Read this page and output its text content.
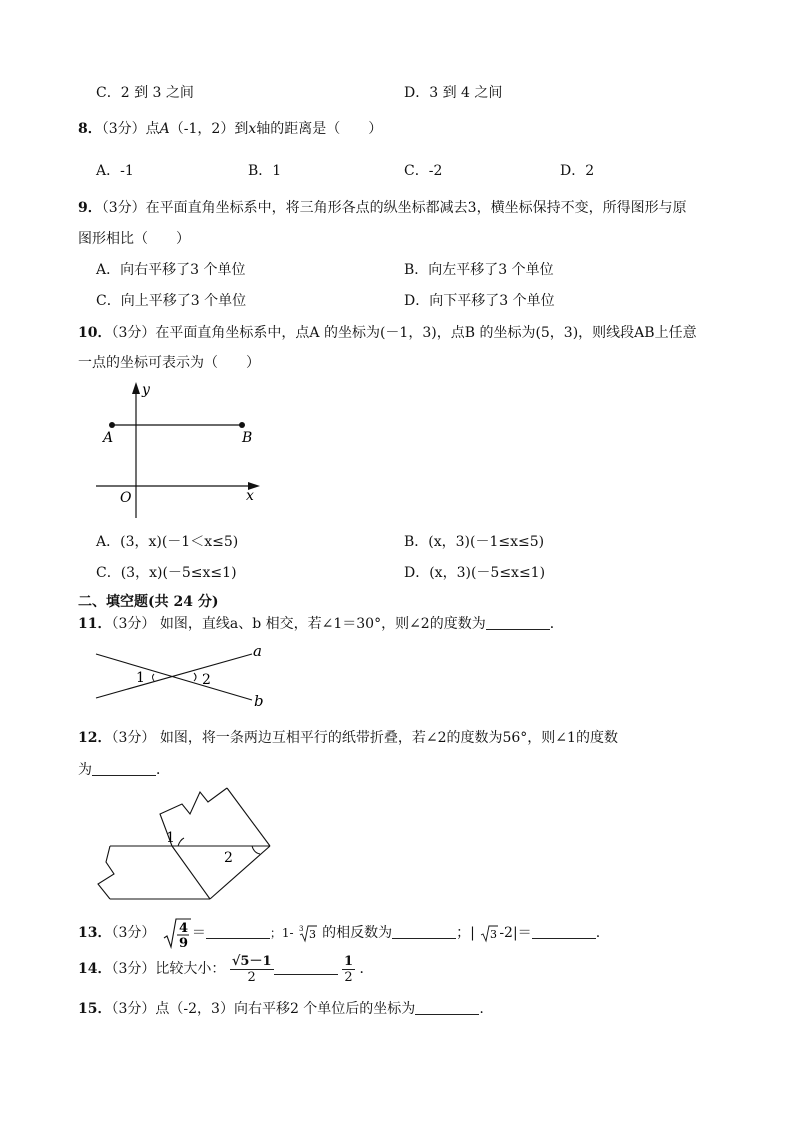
C．2 到 3 之间	D．3 到 4 之间
8．（3分）点A（-1，2）到x轴的距离是（　　）
A．-1	B．1	C．-2	D．2
9．（3分）在平面直角坐标系中，将三角形各点的纵坐标都减去3，横坐标保持不变，所得图形与原
图形相比（　　）
A．向右平移了3 个单位	B．向左平移了3 个单位
C．向上平移了3 个单位	D．向下平移了3 个单位
10．（3分）在平面直角坐标系中，点A 的坐标为(－1，3)，点B 的坐标为(5，3)，则线段AB上任意
一点的坐标可表示为（　　）
y
x
O
A	B
A．(3，x)(－1＜x≤5)	B．(x，3)(－1≤x≤5)
C．(3，x)(－5≤x≤1)	D．(x，3)(－5≤x≤1)
二、填空题(共 24 分)
11．（3分） 如图，直线a、b 相交，若∠1＝30°，则∠2的度数为	．
1	2
a
b
12．（3分） 如图，将一条两边互相平行的纸带折叠，若∠2的度数为56°，则∠1的度数
为	．
1
2
13．（3分） 4
9
＝	；1- 3 3 的相反数为	；| 3 -2|＝	.
14．（3分）比较大小： $\frac{√5-1}{2}$
	$\frac{1}{2}$ ．
15．（3分）点（-2，3）向右平移2 个单位后的坐标为	.
